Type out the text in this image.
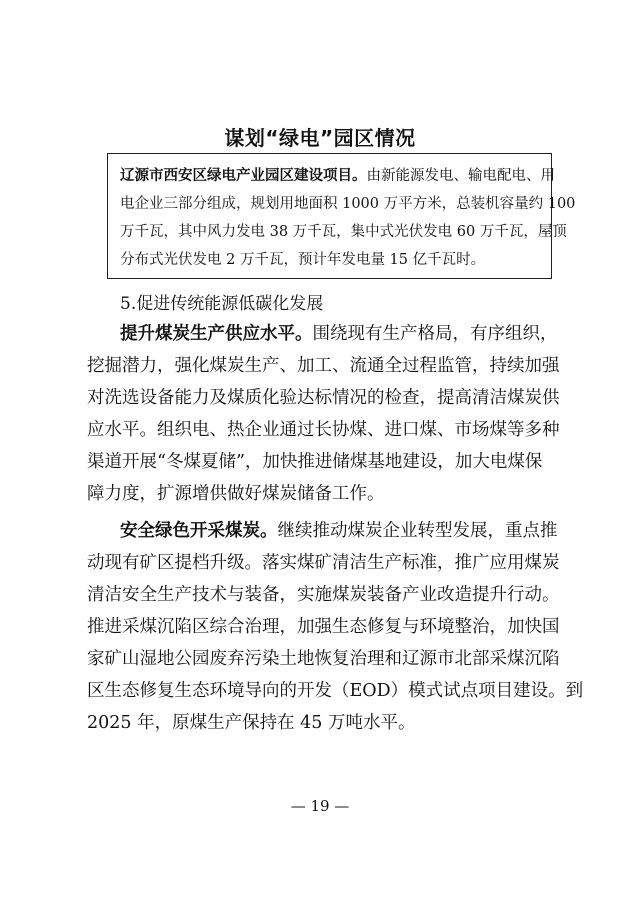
谋划“绿电”园区情况
辽源市西安区绿电产业园区建设项目。由新能源发电、输电配电、用
电企业三部分组成，规划用地面积 1000 万平方米，总装机容量约 100
万千瓦，其中风力发电 38 万千瓦，集中式光伏发电 60 万千瓦，屋顶
分布式光伏发电 2 万千瓦，预计年发电量 15 亿千瓦时。
5.促进传统能源低碳化发展
提升煤炭生产供应水平。围绕现有生产格局，有序组织，
挖掘潜力，强化煤炭生产、加工、流通全过程监管，持续加强
对洗选设备能力及煤质化验达标情况的检查，提高清洁煤炭供
应水平。组织电、热企业通过长协煤、进口煤、市场煤等多种
渠道开展“冬煤夏储”，加快推进储煤基地建设，加大电煤保
障力度，扩源增供做好煤炭储备工作。
安全绿色开采煤炭。继续推动煤炭企业转型发展，重点推
动现有矿区提档升级。落实煤矿清洁生产标准，推广应用煤炭
清洁安全生产技术与装备，实施煤炭装备产业改造提升行动。
推进采煤沉陷区综合治理，加强生态修复与环境整治，加快国
家矿山湿地公园废弃污染土地恢复治理和辽源市北部采煤沉陷
区生态修复生态环境导向的开发（EOD）模式试点项目建设。到
2025 年，原煤生产保持在 45 万吨水平。
— 19 —
